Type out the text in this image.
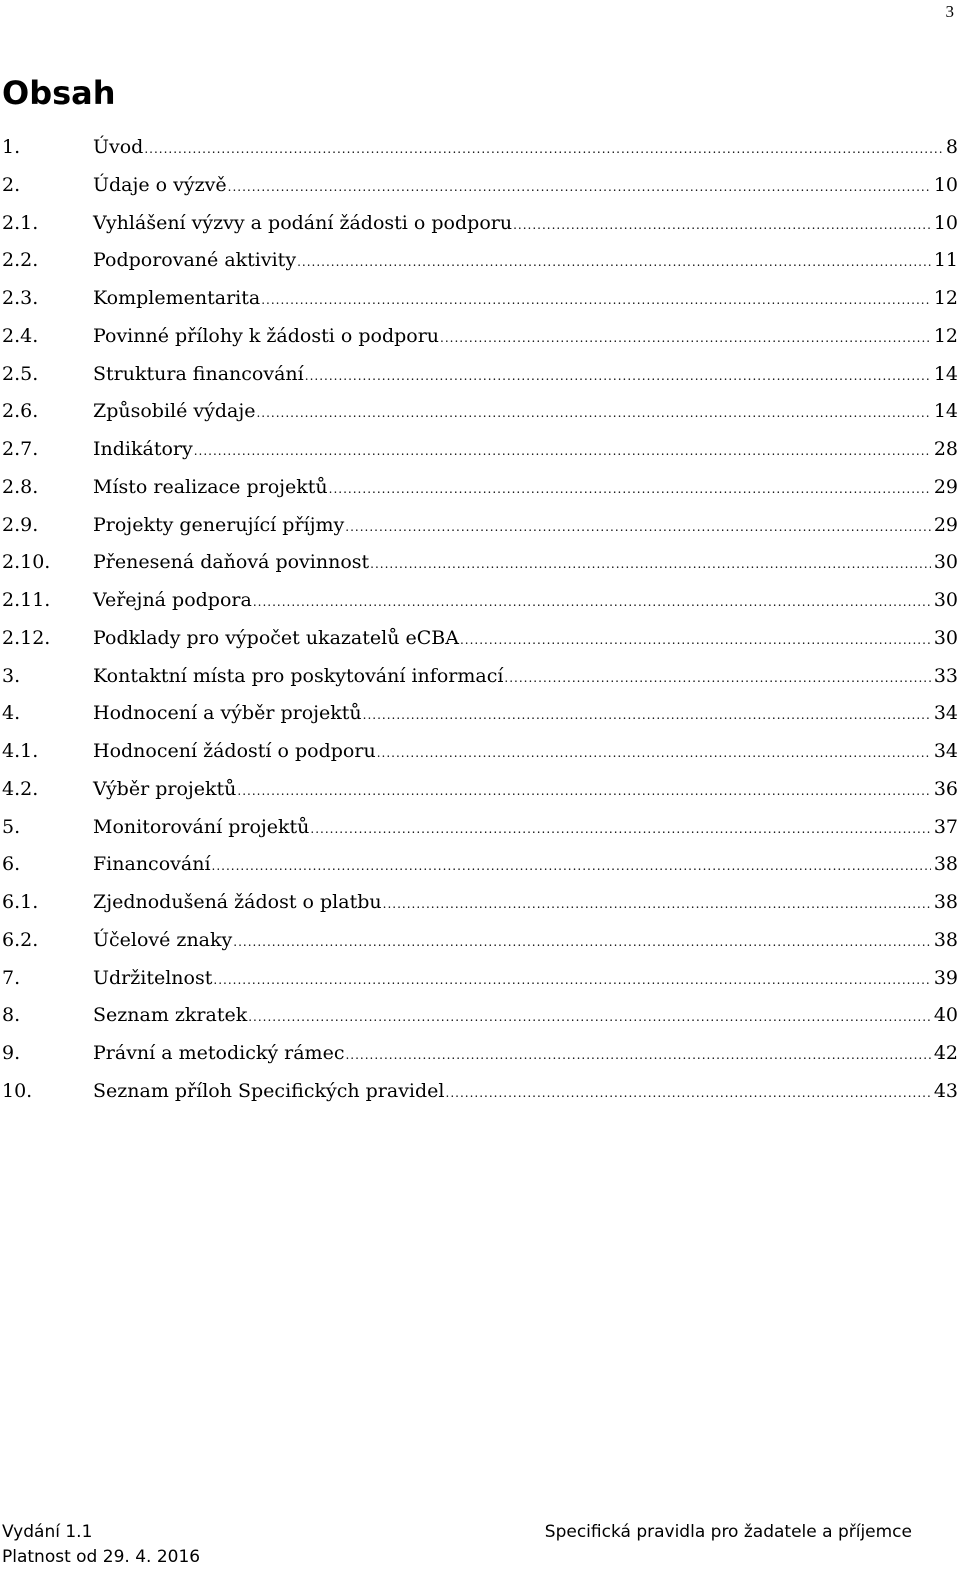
3
Obsah
1.	Úvod .....	8
2.	Údaje o výzvě .....	10
2.1.	Vyhlášení výzvy a podání žádosti o podporu .....	10
2.2.	Podporované aktivity .....	11
2.3.	Komplementarita .....	12
2.4.	Povinné přílohy k žádosti o podporu .....	12
2.5.	Struktura financování .....	14
2.6.	Způsobilé výdaje .....	14
2.7.	Indikátory .....	28
2.8.	Místo realizace projektů .....	29
2.9.	Projekty generující příjmy .....	29
2.10.	Přenesená daňová povinnost .....	30
2.11.	Veřejná podpora .....	30
2.12.	Podklady pro výpočet ukazatelů eCBA .....	30
3.	Kontaktní místa pro poskytování informací .....	33
4.	Hodnocení a výběr projektů .....	34
4.1.	Hodnocení žádostí o podporu .....	34
4.2.	Výběr projektů .....	36
5.	Monitorování projektů .....	37
6.	Financování .....	38
6.1.	Zjednodušená žádost o platbu .....	38
6.2.	Účelové znaky .....	38
7.	Udržitelnost .....	39
8.	Seznam zkratek .....	40
9.	Právní a metodický rámec .....	42
10.	Seznam příloh Specifických pravidel .....	43
Vydání 1.1
Platnost od 29. 4. 2016
Specifická pravidla pro žadatele a příjemce
